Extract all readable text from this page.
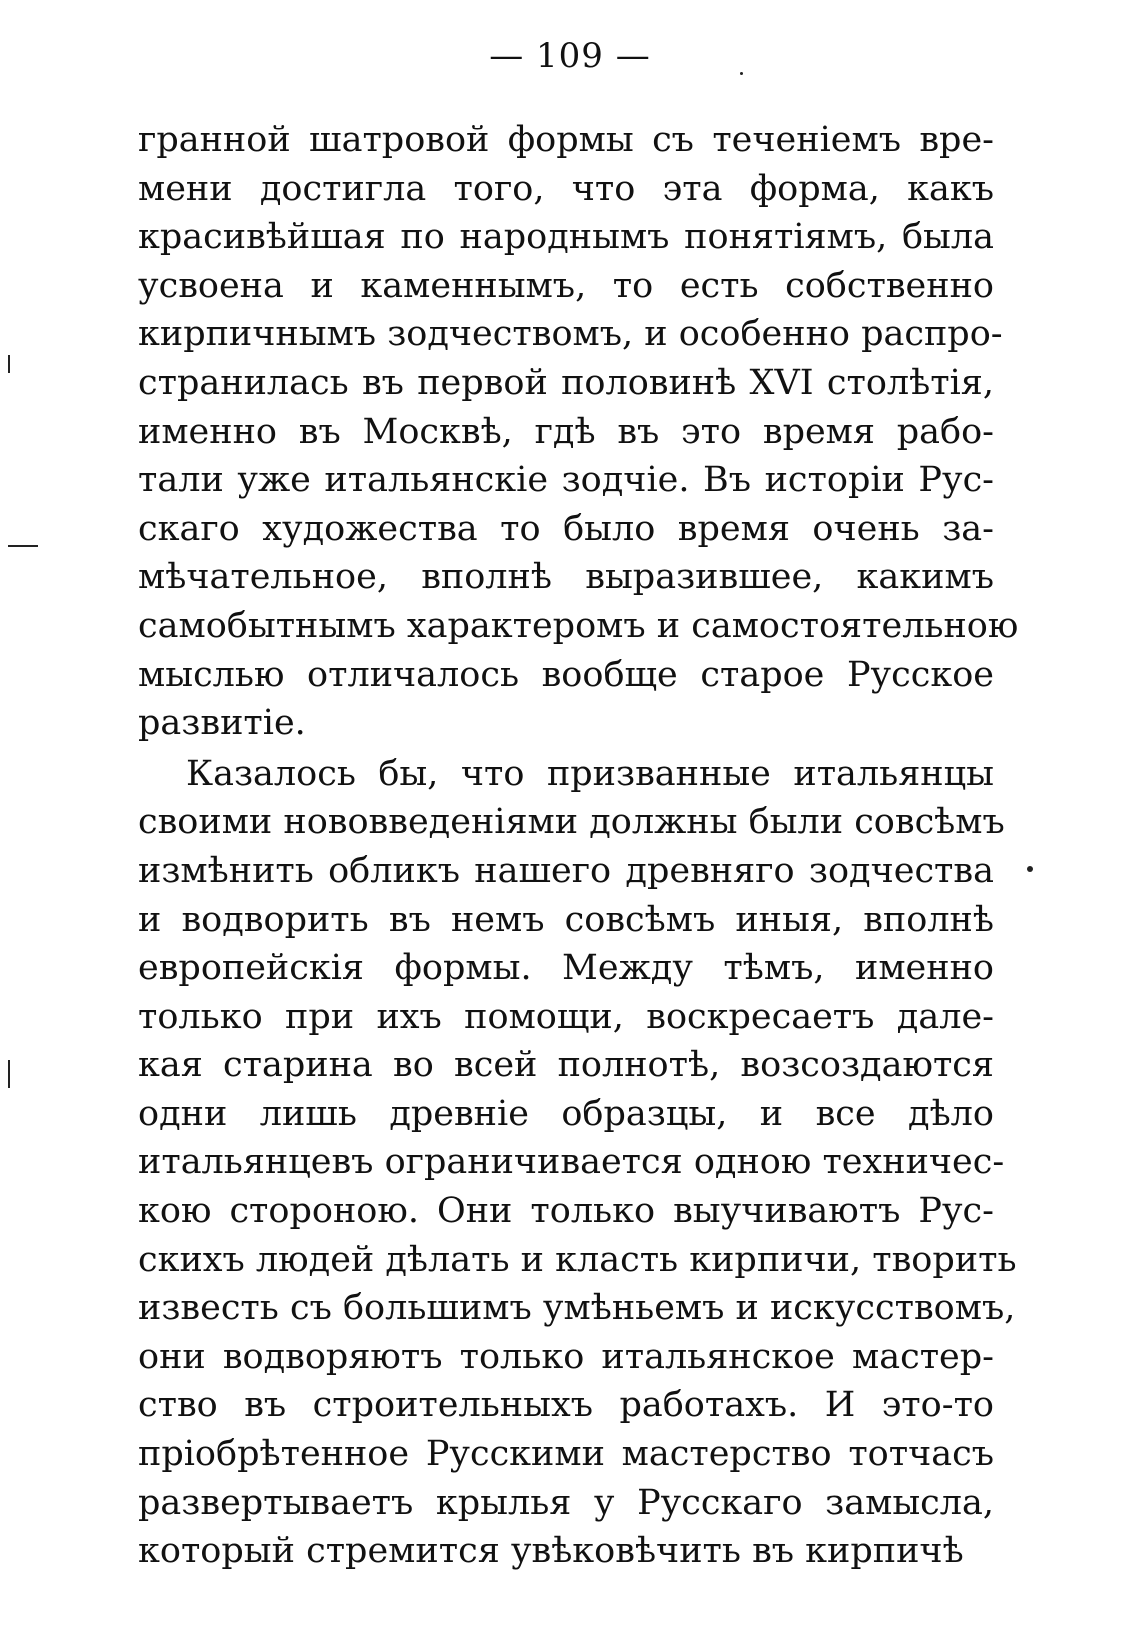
— 109 —
гранной шатровой формы съ теченіемъ вре-
мени достигла того, что эта форма, какъ
красивѣйшая по народнымъ понятіямъ, была
усвоена и каменнымъ, то есть собственно
кирпичнымъ зодчествомъ, и особенно распро-
странилась въ первой половинѣ XVI столѣтія,
именно въ Москвѣ, гдѣ въ это время рабо-
тали уже итальянскіе зодчіе. Въ исторіи Рус-
скаго художества то было время очень за-
мѣчательное, вполнѣ выразившее, какимъ
самобытнымъ характеромъ и самостоятельною
мыслью отличалось вообще старое Русское
развитіе.
Казалось бы, что призванные итальянцы
своими нововведеніями должны были совсѣмъ
измѣнить обликъ нашего древняго зодчества
и водворить въ немъ совсѣмъ иныя, вполнѣ
европейскія формы. Между тѣмъ, именно
только при ихъ помощи, воскресаетъ дале-
кая старина во всей полнотѣ, возсоздаются
одни лишь древніе образцы, и все дѣло
итальянцевъ ограничивается одною техничес-
кою стороною. Они только выучиваютъ Рус-
скихъ людей дѣлать и класть кирпичи, творить
известь съ большимъ умѣньемъ и искусствомъ,
они водворяютъ только итальянское мастер-
ство въ строительныхъ работахъ. И это-то
пріобрѣтенное Русскими мастерство тотчасъ
развертываетъ крылья у Русскаго замысла,
который стремится увѣковѣчить въ кирпичѣ
